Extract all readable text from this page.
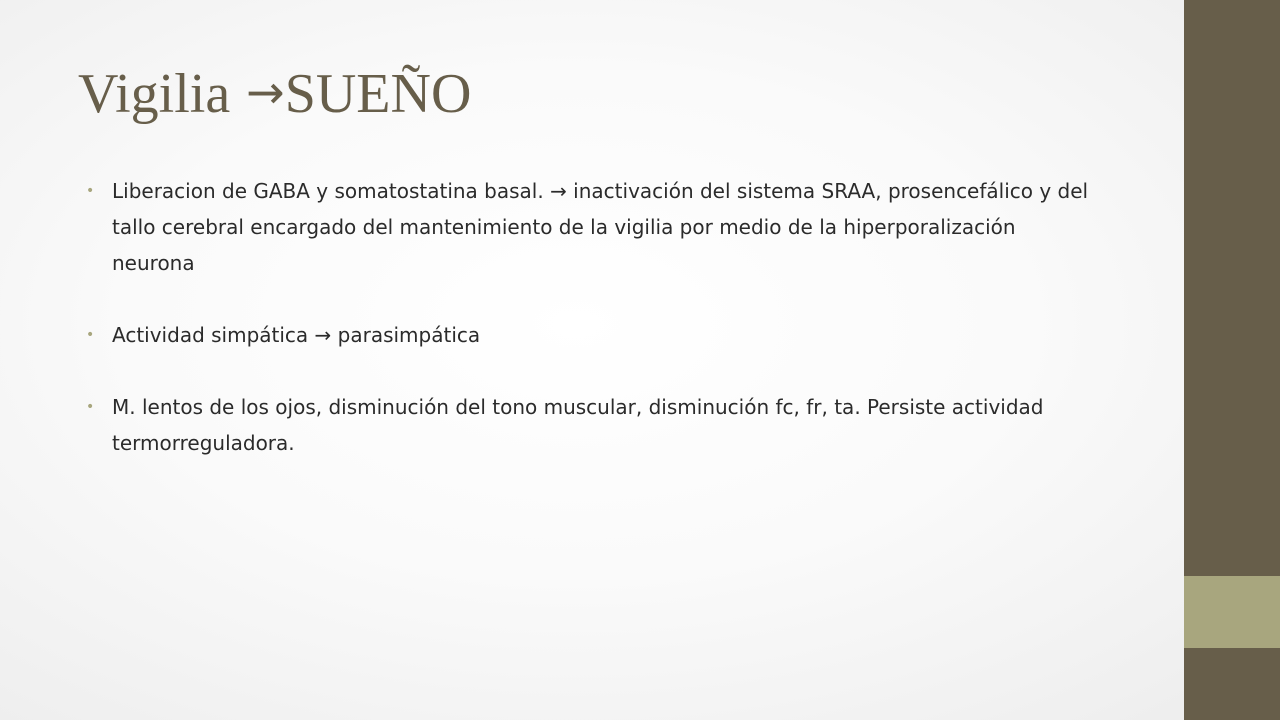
Vigilia →SUEÑO
• Liberacion de GABA y somatostatina basal. → inactivación del sistema SRAA, prosencefálico y del tallo cerebral encargado del mantenimiento de la vigilia por medio de la hiperporalización neurona
• Actividad simpática → parasimpática
• M. lentos de los ojos, disminución del tono muscular, disminución fc, fr, ta. Persiste actividad termorreguladora.
